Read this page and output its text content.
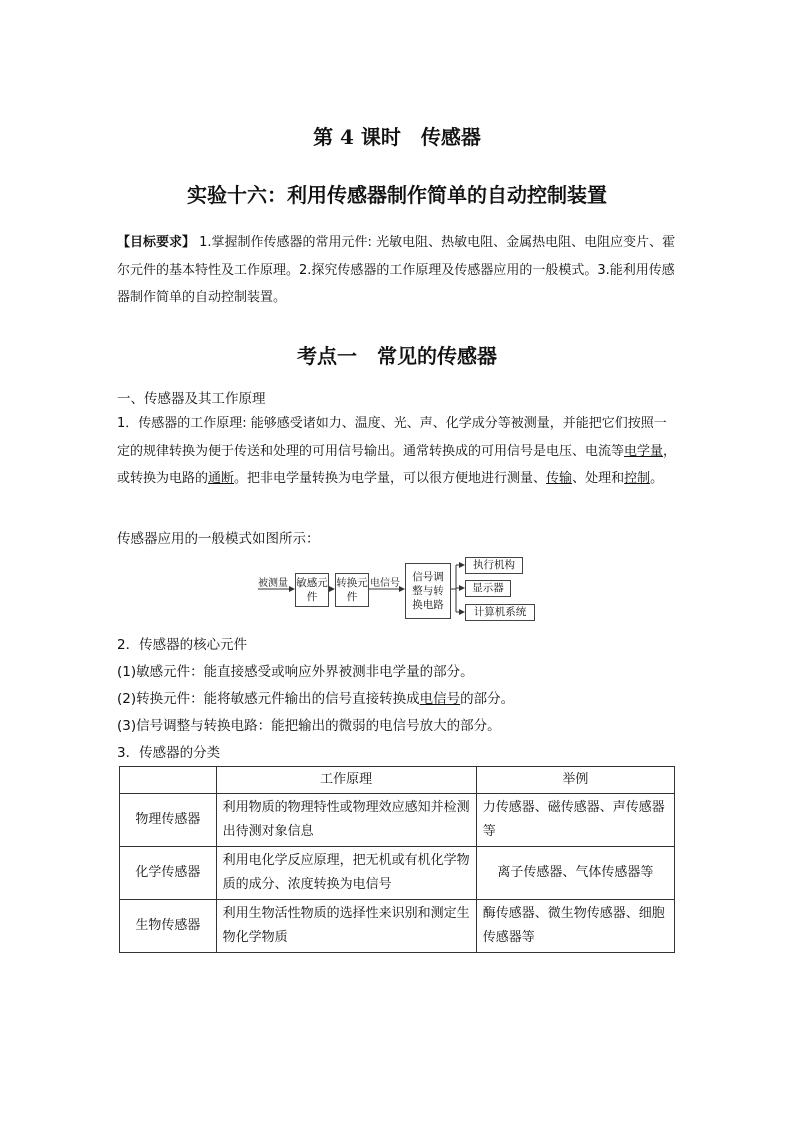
第 4 课时　传感器
实验十六：利用传感器制作简单的自动控制装置
【目标要求】 1.掌握制作传感器的常用元件: 光敏电阻、热敏电阻、金属热电阻、电阻应变片、霍尔元件的基本特性及工作原理。2.探究传感器的工作原理及传感器应用的一般模式。3.能利用传感器制作简单的自动控制装置。
考点一　常见的传感器
一、传感器及其工作原理
1．传感器的工作原理: 能够感受诸如力、温度、光、声、化学成分等被测量，并能把它们按照一定的规律转换为便于传送和处理的可用信号输出。通常转换成的可用信号是电压、电流等电学量，或转换为电路的通断。把非电学量转换为电学量，可以很方便地进行测量、传输、处理和控制。
传感器应用的一般模式如图所示：
被测量 敏感元件
转换元件
电信号
信号调整与转换电路
执行机构
显示器
计算机系统
2．传感器的核心元件
(1)敏感元件：能直接感受或响应外界被测非电学量的部分。
(2)转换元件：能将敏感元件输出的信号直接转换成电信号的部分。
(3)信号调整与转换电路：能把输出的微弱的电信号放大的部分。
3．传感器的分类
	工作原理	举例
物理传感器	利用物质的物理特性或物理效应感知并检测出待测对象信息	力传感器、磁传感器、声传感器等
化学传感器	利用电化学反应原理，把无机或有机化学物质的成分、浓度转换为电信号	离子传感器、气体传感器等
生物传感器	利用生物活性物质的选择性来识别和测定生物化学物质	酶传感器、微生物传感器、细胞传感器等
